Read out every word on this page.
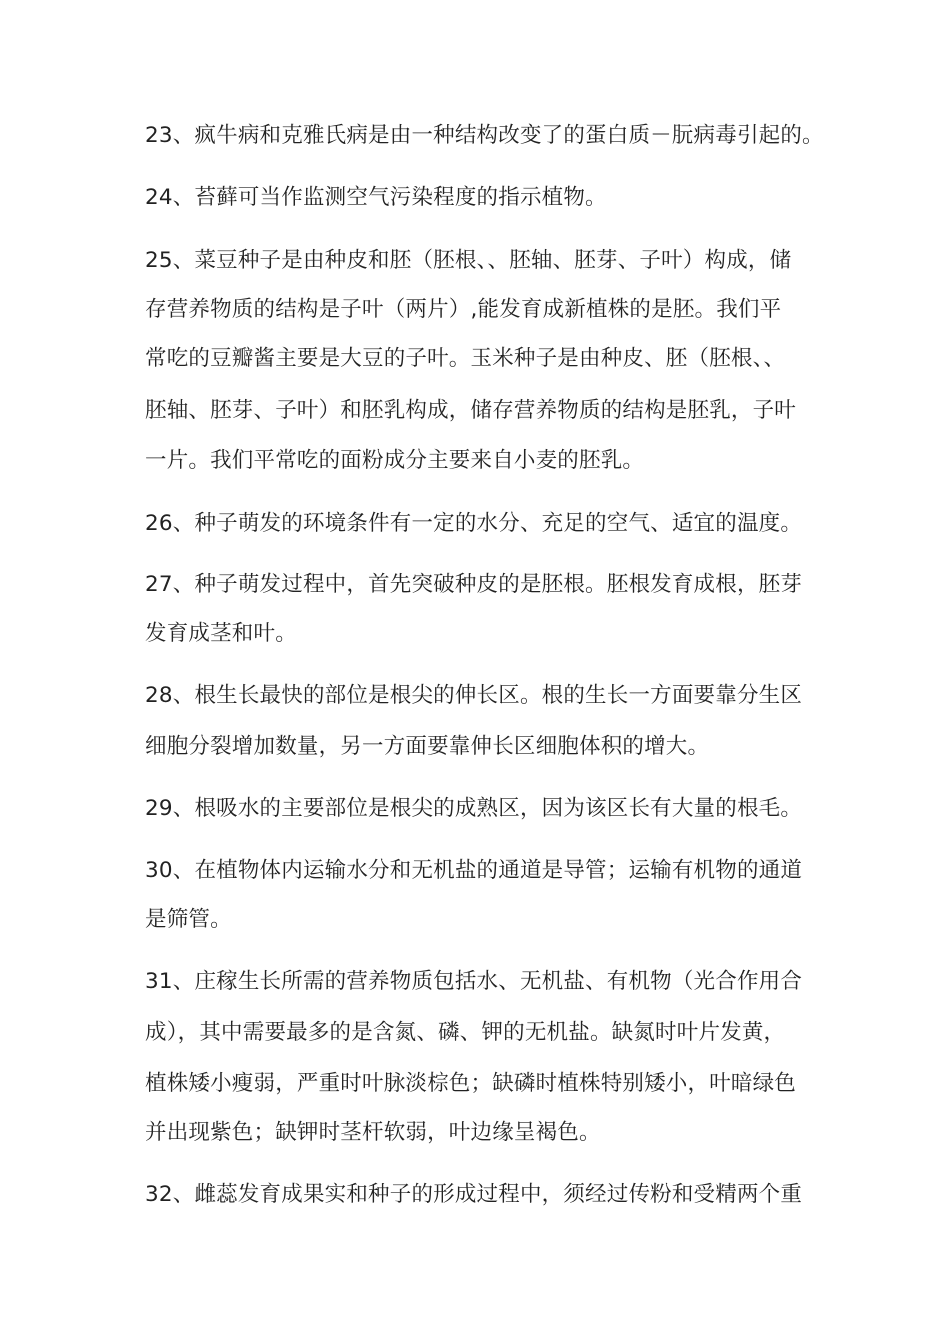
23、疯牛病和克雅氏病是由一种结构改变了的蛋白质－朊病毒引起的。
24、苔藓可当作监测空气污染程度的指示植物。
25、菜豆种子是由种皮和胚（胚根、、胚轴、胚芽、子叶）构成，储
存营养物质的结构是子叶（两片）,能发育成新植株的是胚。我们平
常吃的豆瓣酱主要是大豆的子叶。玉米种子是由种皮、胚（胚根、、
胚轴、胚芽、子叶）和胚乳构成，储存营养物质的结构是胚乳，子叶
一片。我们平常吃的面粉成分主要来自小麦的胚乳。
26、种子萌发的环境条件有一定的水分、充足的空气、适宜的温度。
27、种子萌发过程中，首先突破种皮的是胚根。胚根发育成根，胚芽
发育成茎和叶。
28、根生长最快的部位是根尖的伸长区。根的生长一方面要靠分生区
细胞分裂增加数量，另一方面要靠伸长区细胞体积的增大。
29、根吸水的主要部位是根尖的成熟区，因为该区长有大量的根毛。
30、在植物体内运输水分和无机盐的通道是导管；运输有机物的通道
是筛管。
31、庄稼生长所需的营养物质包括水、无机盐、有机物（光合作用合
成），其中需要最多的是含氮、磷、钾的无机盐。缺氮时叶片发黄，
植株矮小瘦弱，严重时叶脉淡棕色；缺磷时植株特别矮小，叶暗绿色
并出现紫色；缺钾时茎杆软弱，叶边缘呈褐色。
32、雌蕊发育成果实和种子的形成过程中，须经过传粉和受精两个重
